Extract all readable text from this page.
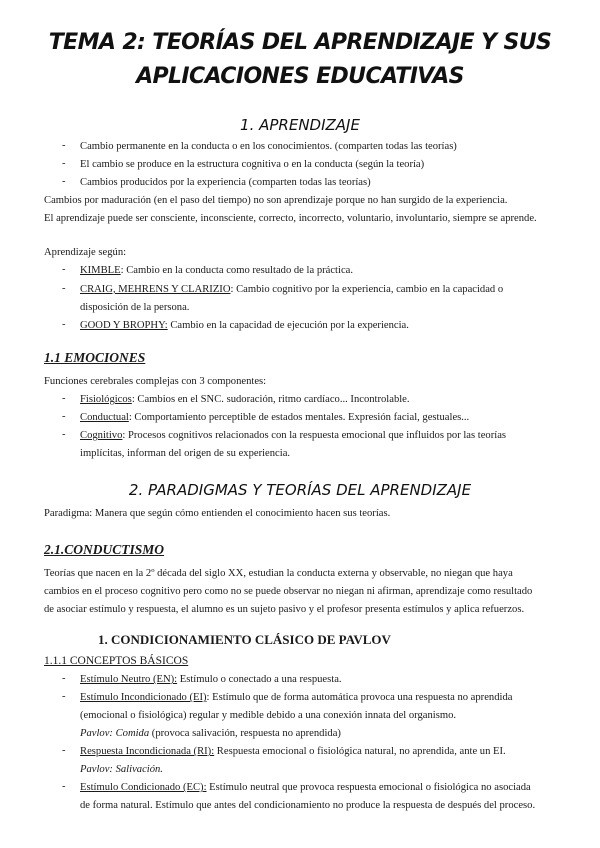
TEMA 2: TEORÍAS DEL APRENDIZAJE Y SUS
APLICACIONES EDUCATIVAS
1. APRENDIZAJE
- Cambio permanente en la conducta o en los conocimientos. (comparten todas las teorías)
- El cambio se produce en la estructura cognitiva o en la conducta (según la teoría)
- Cambios producidos por la experiencia (comparten todas las teorías)
Cambios por maduración (en el paso del tiempo) no son aprendizaje porque no han surgido de la experiencia.
El aprendizaje puede ser consciente, inconsciente, correcto, incorrecto, voluntario, involuntario, siempre se aprende.
Aprendizaje según:
- KIMBLE: Cambio en la conducta como resultado de la práctica.
- CRAIG, MEHRENS Y CLARIZIO: Cambio cognitivo por la experiencia, cambio en la capacidad o
disposición de la persona.
- GOOD Y BROPHY: Cambio en la capacidad de ejecución por la experiencia.
1.1 EMOCIONES
Funciones cerebrales complejas con 3 componentes:
- Fisiológicos: Cambios en el SNC. sudoración, ritmo cardíaco... Incontrolable.
- Conductual: Comportamiento perceptible de estados mentales. Expresión facial, gestuales...
- Cognitivo: Procesos cognitivos relacionados con la respuesta emocional que influidos por las teorías
implícitas, informan del origen de su experiencia.
2. PARADIGMAS Y TEORÍAS DEL APRENDIZAJE
Paradigma: Manera que según cómo entienden el conocimiento hacen sus teorías.
2.1.CONDUCTISMO
Teorías que nacen en la 2º década del siglo XX, estudian la conducta externa y observable, no niegan que haya
cambios en el proceso cognitivo pero como no se puede observar no niegan ni afirman, aprendizaje como resultado
de asociar estímulo y respuesta, el alumno es un sujeto pasivo y el profesor presenta estímulos y aplica refuerzos.
1. CONDICIONAMIENTO CLÁSICO DE PAVLOV
1.1.1 CONCEPTOS BÁSICOS
- Estímulo Neutro (EN): Estímulo o conectado a una respuesta.
- Estímulo Incondicionado (EI): Estímulo que de forma automática provoca una respuesta no aprendida
(emocional o fisiológica) regular y medible debido a una conexión innata del organismo.
Pavlov: Comida (provoca salivación, respuesta no aprendida)
- Respuesta Incondicionada (RI): Respuesta emocional o fisiológica natural, no aprendida, ante un EI.
Pavlov: Salivación.
- Estímulo Condicionado (EC): Estímulo neutral que provoca respuesta emocional o fisiológica no asociada
de forma natural. Estímulo que antes del condicionamiento no produce la respuesta de después del proceso.
